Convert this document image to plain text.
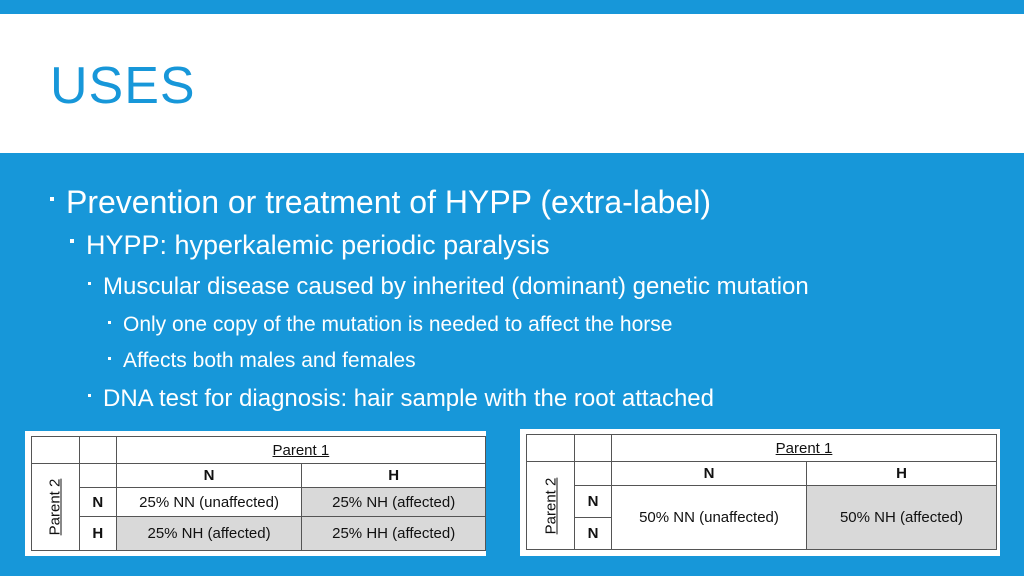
USES
Prevention or treatment of HYPP (extra-label)
HYPP: hyperkalemic periodic paralysis
Muscular disease caused by inherited (dominant) genetic mutation
Only one copy of the mutation is needed to affect the horse
Affects both males and females
DNA test for diagnosis: hair sample with the root attached
		Parent 1	

Parent 2		N	H
	N	25% NN (unaffected)	25% NH (affected)
	H	25% NH (affected)	25% HH (affected)
		Parent 1	

Parent 2		N	H
	N	50% NN (unaffected)	50% NH (affected)
	N		
